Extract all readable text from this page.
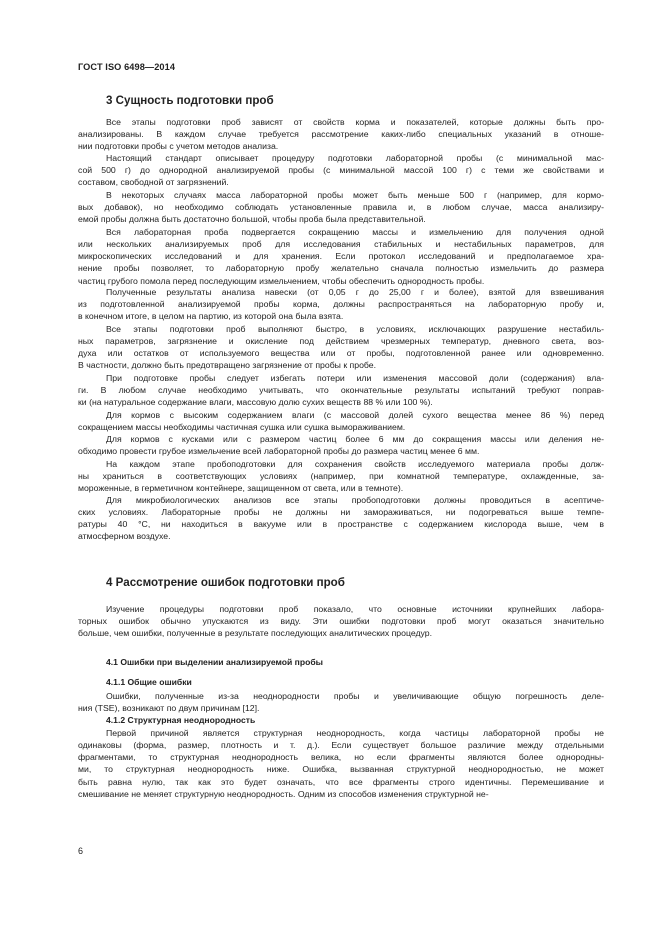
ГОСТ ISO 6498—2014
3 Сущность подготовки проб
Все этапы подготовки проб зависят от свойств корма и показателей, которые должны быть про-
анализированы. В каждом случае требуется рассмотрение каких-либо специальных указаний в отноше-
нии подготовки пробы с учетом методов анализа.
Настоящий стандарт описывает процедуру подготовки лабораторной пробы (с минимальной мас-
сой 500 г) до однородной анализируемой пробы (с минимальной массой 100 г) с теми же свойствами и
составом, свободной от загрязнений.
В некоторых случаях масса лабораторной пробы может быть меньше 500 г (например, для кормо-
вых добавок), но необходимо соблюдать установленные правила и, в любом случае, масса анализиру-
емой пробы должна быть достаточно большой, чтобы проба была представительной.
Вся лабораторная проба подвергается сокращению массы и измельчению для получения одной
или нескольких анализируемых проб для исследования стабильных и нестабильных параметров, для
микроскопических исследований и для хранения. Если протокол исследований и предполагаемое хра-
нение пробы позволяет, то лабораторную пробу желательно сначала полностью измельчить до размера
частиц грубого помола перед последующим измельчением, чтобы обеспечить однородность пробы.
Полученные результаты анализа навески (от 0,05 г до 25,00 г и более), взятой для взвешивания
из подготовленной анализируемой пробы корма, должны распространяться на лабораторную пробу и,
в конечном итоге, в целом на партию, из которой она была взята.
Все этапы подготовки проб выполняют быстро, в условиях, исключающих разрушение нестабиль-
ных параметров, загрязнение и окисление под действием чрезмерных температур, дневного света, воз-
духа или остатков от используемого вещества или от пробы, подготовленной ранее или одновременно.
В частности, должно быть предотвращено загрязнение от пробы к пробе.
При подготовке пробы следует избегать потери или изменения массовой доли (содержания) вла-
ги. В любом случае необходимо учитывать, что окончательные результаты испытаний требуют поправ-
ки (на натуральное содержание влаги, массовую долю сухих веществ 88 % или 100 %).
Для кормов с высоким содержанием влаги (с массовой долей сухого вещества менее 86 %) перед
сокращением массы необходимы частичная сушка или сушка вымораживанием.
Для кормов с кусками или с размером частиц более 6 мм до сокращения массы или деления не-
обходимо провести грубое измельчение всей лабораторной пробы до размера частиц менее 6 мм.
На каждом этапе пробоподготовки для сохранения свойств исследуемого материала пробы долж-
ны храниться в соответствующих условиях (например, при комнатной температуре, охлажденные, за-
мороженные, в герметичном контейнере, защищенном от света, или в темноте).
Для микробиологических анализов все этапы пробоподготовки должны проводиться в асептиче-
ских условиях. Лабораторные пробы не должны ни замораживаться, ни подогреваться выше темпе-
ратуры 40 °С, ни находиться в вакууме или в пространстве с содержанием кислорода выше, чем в
атмосферном воздухе.
4 Рассмотрение ошибок подготовки проб
Изучение процедуры подготовки проб показало, что основные источники крупнейших лабора-
торных ошибок обычно упускаются из виду. Эти ошибки подготовки проб могут оказаться значительно
больше, чем ошибки, полученные в результате последующих аналитических процедур.
4.1 Ошибки при выделении анализируемой пробы
4.1.1 Общие ошибки
Ошибки, полученные из-за неоднородности пробы и увеличивающие общую погрешность деле-
ния (TSE), возникают по двум причинам [12].
4.1.2 Структурная неоднородность
Первой причиной является структурная неоднородность, когда частицы лабораторной пробы не
одинаковы (форма, размер, плотность и т. д.). Если существует большое различие между отдельными
фрагментами, то структурная неоднородность велика, но если фрагменты являются более однородны-
ми, то структурная неоднородность ниже. Ошибка, вызванная структурной неоднородностью, не может
быть равна нулю, так как это будет означать, что все фрагменты строго идентичны. Перемешивание и
смешивание не меняет структурную неоднородность. Одним из способов изменения структурной не-
6
